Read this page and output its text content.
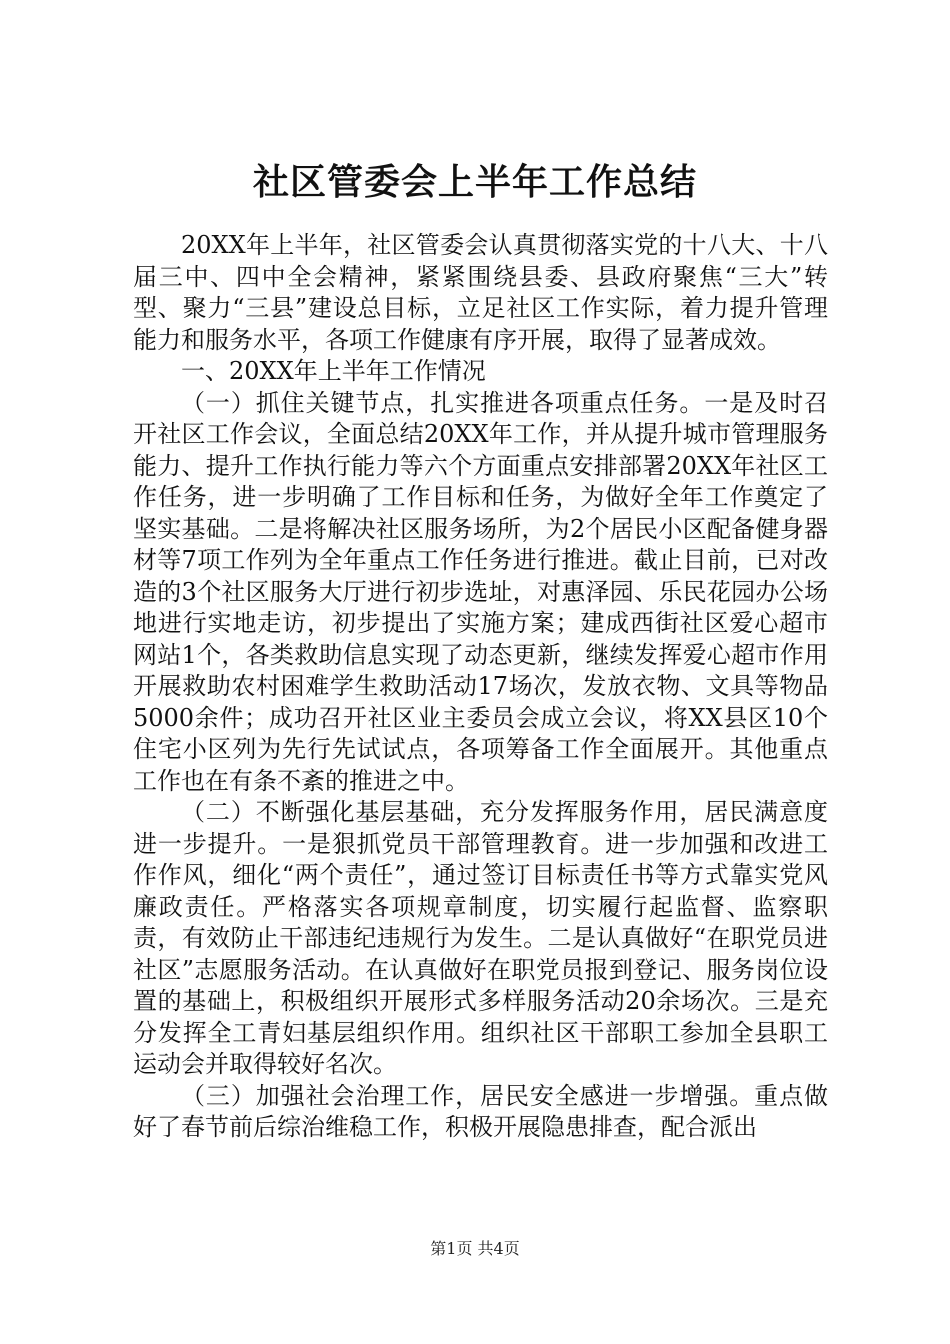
社区管委会上半年工作总结

20XX年上半年，社区管委会认真贯彻落实党的十八大、十八届三中、四中全会精神，紧紧围绕县委、县政府聚焦“三大”转型、聚力“三县”建设总目标，立足社区工作实际，着力提升管理能力和服务水平，各项工作健康有序开展，取得了显著成效。

一、20XX年上半年工作情况

（一）抓住关键节点，扎实推进各项重点任务。一是及时召开社区工作会议，全面总结20XX年工作，并从提升城市管理服务能力、提升工作执行能力等六个方面重点安排部署20XX年社区工作任务，进一步明确了工作目标和任务，为做好全年工作奠定了坚实基础。二是将解决社区服务场所，为2个居民小区配备健身器材等7项工作列为全年重点工作任务进行推进。截止目前，已对改造的3个社区服务大厅进行初步选址，对惠泽园、乐民花园办公场地进行实地走访，初步提出了实施方案；建成西街社区爱心超市网站1个，各类救助信息实现了动态更新，继续发挥爱心超市作用开展救助农村困难学生救助活动17场次，发放衣物、文具等物品5000余件；成功召开社区业主委员会成立会议，将XX县区10个住宅小区列为先行先试试点，各项筹备工作全面展开。其他重点工作也在有条不紊的推进之中。

（二）不断强化基层基础，充分发挥服务作用，居民满意度进一步提升。一是狠抓党员干部管理教育。进一步加强和改进工作作风，细化“两个责任”，通过签订目标责任书等方式靠实党风廉政责任。严格落实各项规章制度，切实履行起监督、监察职责，有效防止干部违纪违规行为发生。二是认真做好“在职党员进社区”志愿服务活动。在认真做好在职党员报到登记、服务岗位设置的基础上，积极组织开展形式多样服务活动20余场次。三是充分发挥全工青妇基层组织作用。组织社区干部职工参加全县职工运动会并取得较好名次。

（三）加强社会治理工作，居民安全感进一步增强。重点做好了春节前后综治维稳工作，积极开展隐患排查，配合派出

第1页 共4页
